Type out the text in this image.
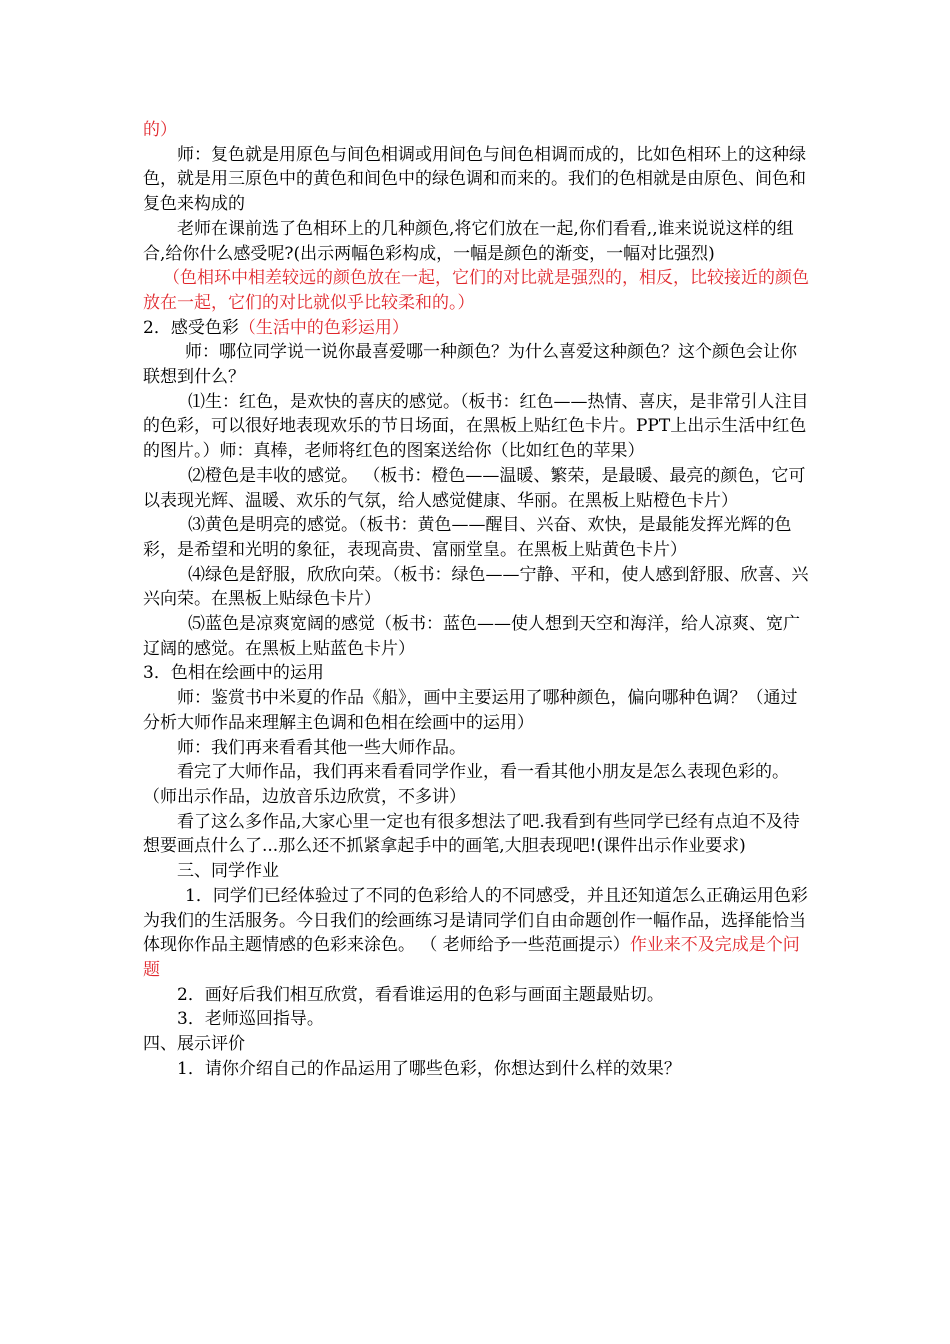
的）

师：复色就是用原色与间色相调或用间色与间色相调而成的，比如色相环上的这种绿色，就是用三原色中的黄色和间色中的绿色调和而来的。我们的色相就是由原色、间色和复色来构成的

老师在课前选了色相环上的几种颜色,将它们放在一起,你们看看,,谁来说说这样的组合,给你什么感受呢?(出示两幅色彩构成，一幅是颜色的渐变，一幅对比强烈)

（色相环中相差较远的颜色放在一起，它们的对比就是强烈的，相反，比较接近的颜色放在一起，它们的对比就似乎比较柔和的。）

2．感受色彩（生活中的色彩运用）

师：哪位同学说一说你最喜爱哪一种颜色？为什么喜爱这种颜色？这个颜色会让你联想到什么？

⑴生：红色，是欢快的喜庆的感觉。（板书：红色——热情、喜庆，是非常引人注目的色彩，可以很好地表现欢乐的节日场面，在黑板上贴红色卡片。PPT上出示生活中红色的图片。）师：真棒，老师将红色的图案送给你（比如红色的苹果）

⑵橙色是丰收的感觉。 （板书：橙色——温暖、繁荣，是最暖、最亮的颜色，它可以表现光辉、温暖、欢乐的气氛，给人感觉健康、华丽。在黑板上贴橙色卡片）

⑶黄色是明亮的感觉。（板书：黄色——醒目、兴奋、欢快，是最能发挥光辉的色彩，是希望和光明的象征，表现高贵、富丽堂皇。在黑板上贴黄色卡片）

⑷绿色是舒服，欣欣向荣。（板书：绿色——宁静、平和，使人感到舒服、欣喜、兴兴向荣。在黑板上贴绿色卡片）

⑸蓝色是凉爽宽阔的感觉（板书：蓝色——使人想到天空和海洋，给人凉爽、宽广辽阔的感觉。在黑板上贴蓝色卡片）

3．色相在绘画中的运用

师：鉴赏书中米夏的作品《船》，画中主要运用了哪种颜色，偏向哪种色调？（通过分析大师作品来理解主色调和色相在绘画中的运用）

师：我们再来看看其他一些大师作品。

看完了大师作品，我们再来看看同学作业，看一看其他小朋友是怎么表现色彩的。（师出示作品，边放音乐边欣赏，不多讲）

看了这么多作品,大家心里一定也有很多想法了吧.我看到有些同学已经有点迫不及待想要画点什么了...那么还不抓紧拿起手中的画笔,大胆表现吧!(课件出示作业要求)

三、同学作业

1．同学们已经体验过了不同的色彩给人的不同感受，并且还知道怎么正确运用色彩为我们的生活服务。今日我们的绘画练习是请同学们自由命题创作一幅作品，选择能恰当体现你作品主题情感的色彩来涂色。 （ 老师给予一些范画提示）作业来不及完成是个问题

2．画好后我们相互欣赏，看看谁运用的色彩与画面主题最贴切。

3．老师巡回指导。

四、展示评价

1．请你介绍自己的作品运用了哪些色彩，你想达到什么样的效果？
